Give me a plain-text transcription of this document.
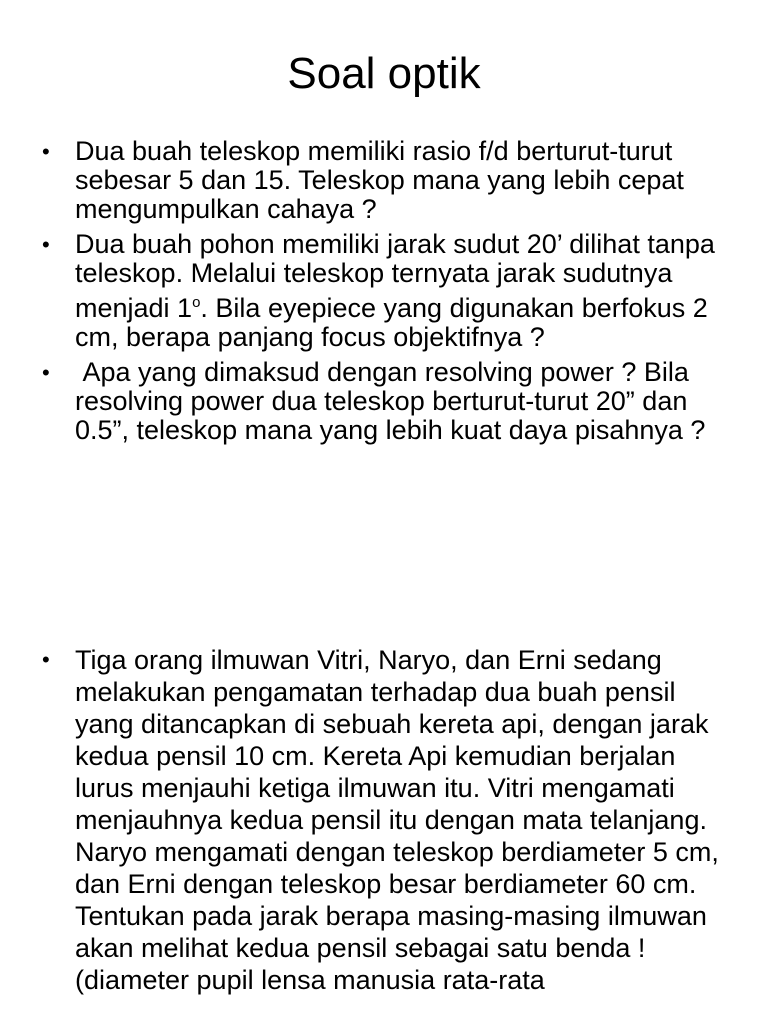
Soal optik
• Dua buah teleskop memiliki rasio f/d berturut-turut sebesar 5 dan 15. Teleskop mana yang lebih cepat mengumpulkan cahaya ?
• Dua buah pohon memiliki jarak sudut 20’ dilihat tanpa teleskop. Melalui teleskop ternyata jarak sudutnya menjadi 1$^o$. Bila eyepiece yang digunakan berfokus 2 cm, berapa panjang focus objektifnya ?
• Apa yang dimaksud dengan resolving power ? Bila resolving power dua teleskop berturut-turut 20” dan 0.5”, teleskop mana yang lebih kuat daya pisahnya ?
• Tiga orang ilmuwan Vitri, Naryo, dan Erni sedang melakukan pengamatan terhadap dua buah pensil yang ditancapkan di sebuah kereta api, dengan jarak kedua pensil 10 cm. Kereta Api kemudian berjalan lurus menjauhi ketiga ilmuwan itu. Vitri mengamati menjauhnya kedua pensil itu dengan mata telanjang. Naryo mengamati dengan teleskop berdiameter 5 cm, dan Erni dengan teleskop besar berdiameter 60 cm. Tentukan pada jarak berapa masing-masing ilmuwan akan melihat kedua pensil sebagai satu benda ! (diameter pupil lensa manusia rata-rata
